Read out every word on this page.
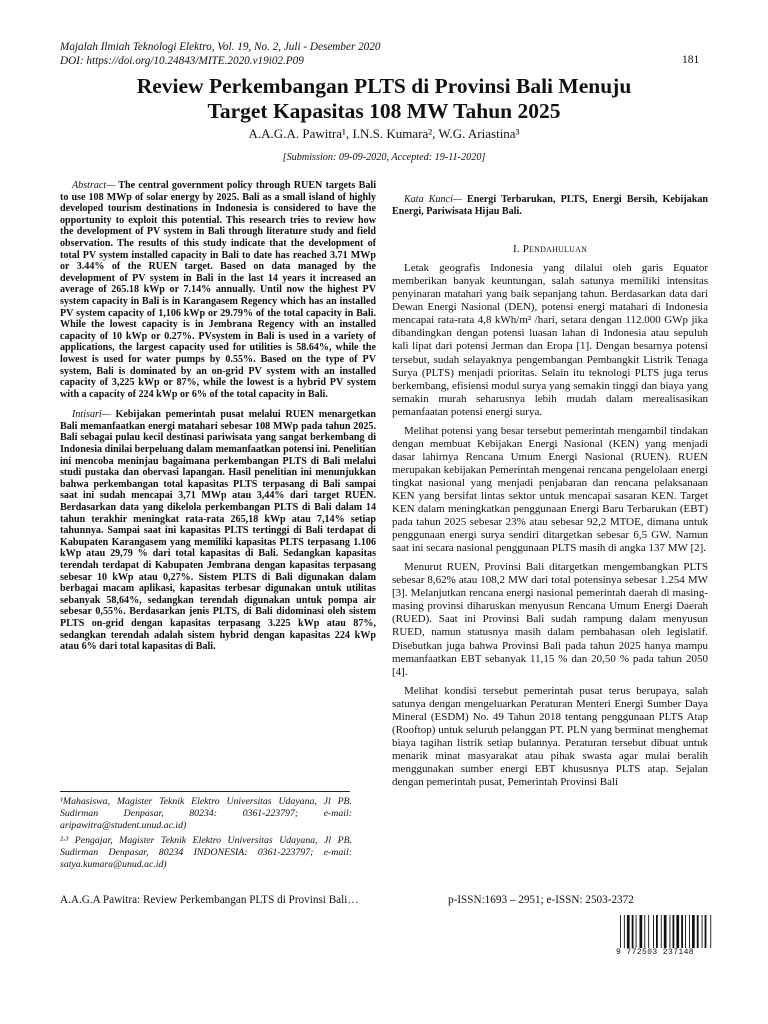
Majalah Ilmiah Teknologi Elektro, Vol. 19, No. 2, Juli - Desember 2020
DOI: https://doi.org/10.24843/MITE.2020.v19i02.P09	181
Review Perkembangan PLTS di Provinsi Bali Menuju
Target Kapasitas 108 MW Tahun 2025
A.A.G.A. Pawitra¹, I.N.S. Kumara², W.G. Ariastina³
[Submission: 09-09-2020, Accepted: 19-11-2020]

Abstract— The central government policy through RUEN targets Bali to use 108 MWp of solar energy by 2025. Bali as a small island of highly developed tourism destinations in Indonesia is considered to have the opportunity to exploit this potential. This research tries to review how the development of PV system in Bali through literature study and field observation. The results of this study indicate that the development of total PV system installed capacity in Bali to date has reached 3.71 MWp or 3.44% of the RUEN target. Based on data managed by the development of PV system in Bali in the last 14 years it increased an average of 265.18 kWp or 7.14% annually. Until now the highest PV system capacity in Bali is in Karangasem Regency which has an installed PV system capacity of 1,106 kWp or 29.79% of the total capacity in Bali. While the lowest capacity is in Jembrana Regency with an installed capacity of 10 kWp or 0.27%. PVsystem in Bali is used in a variety of applications, the largest capacity used for utilities is 58.64%, while the lowest is used for water pumps by 0.55%. Based on the type of PV system, Bali is dominated by an on-grid PV system with an installed capacity of 3,225 kWp or 87%, while the lowest is a hybrid PV system with a capacity of 224 kWp or 6% of the total capacity in Bali.

Intisari— Kebijakan pemerintah pusat melalui RUEN menargetkan Bali memanfaatkan energi matahari sebesar 108 MWp pada tahun 2025. Bali sebagai pulau kecil destinasi pariwisata yang sangat berkembang di Indonesia dinilai berpeluang dalam memanfaatkan potensi ini. Penelitian ini mencoba meninjau bagaimana perkembangan PLTS di Bali melalui studi pustaka dan obervasi lapangan. Hasil penelitian ini menunjukkan bahwa perkembangan total kapasitas PLTS terpasang di Bali sampai saat ini sudah mencapai 3,71 MWp atau 3,44% dari target RUEN. Berdasarkan data yang dikelola perkembangan PLTS di Bali dalam 14 tahun terakhir meningkat rata-rata 265,18 kWp atau 7,14% setiap tahunnya. Sampai saat ini kapasitas PLTS tertinggi di Bali terdapat di Kabupaten Karangasem yang memiliki kapasitas PLTS terpasang 1.106 kWp atau 29,79 % dari total kapasitas di Bali. Sedangkan kapasitas terendah terdapat di Kabupaten Jembrana dengan kapasitas terpasang sebesar 10 kWp atau 0,27%. Sistem PLTS di Bali digunakan dalam berbagai macam aplikasi, kapasitas terbesar digunakan untuk utilitas sebanyak 58,64%, sedangkan terendah digunakan untuk pompa air sebesar 0,55%. Berdasarkan jenis PLTS, di Bali didominasi oleh sistem PLTS on-grid dengan kapasitas terpasang 3.225 kWp atau 87%, sedangkan terendah adalah sistem hybrid dengan kapasitas 224 kWp atau 6% dari total kapasitas di Bali.

¹Mahasiswa, Magister Teknik Elektro Universitas Udayana, Jl PB. Sudirman Denpasar, 80234: 0361-223797; e-mail: aripawitra@student.unud.ac.id)
²·³ Pengajar, Magister Teknik Elektro Universitas Udayana, Jl PB. Sudirman Denpasar, 80234 INDONESIA: 0361-223797; e-mail: satya.kumara@unud.ac.id)

Kata Kunci— Energi Terbarukan, PLTS, Energi Bersih, Kebijakan Energi, Pariwisata Hijau Bali.

I. Pendahuluan

Letak geografis Indonesia yang dilalui oleh garis Equator memberikan banyak keuntungan, salah satunya memiliki intensitas penyinaran matahari yang baik sepanjang tahun. Berdasarkan data dari Dewan Energi Nasional (DEN), potensi energi matahari di Indonesia mencapai rata-rata 4,8 kWh/m² /hari, setara dengan 112.000 GWp jika dibandingkan dengan potensi luasan lahan di Indonesia atau sepuluh kali lipat dari potensi Jerman dan Eropa [1]. Dengan besarnya potensi tersebut, sudah selayaknya pengembangan Pembangkit Listrik Tenaga Surya (PLTS) menjadi prioritas. Selain itu teknologi PLTS juga terus berkembang, efisiensi modul surya yang semakin tinggi dan biaya yang semakin murah seharusnya lebih mudah dalam merealisasikan pemanfaatan potensi energi surya.

Melihat potensi yang besar tersebut pemerintah mengambil tindakan dengan membuat Kebijakan Energi Nasional (KEN) yang menjadi dasar lahirnya Rencana Umum Energi Nasional (RUEN). RUEN merupakan kebijakan Pemerintah mengenai rencana pengelolaan energi tingkat nasional yang menjadi penjabaran dan rencana pelaksanaan KEN yang bersifat lintas sektor untuk mencapai sasaran KEN. Target KEN dalam meningkatkan penggunaan Energi Baru Terbarukan (EBT) pada tahun 2025 sebesar 23% atau sebesar 92,2 MTOE, dimana untuk penggunaan energi surya sendiri ditargetkan sebesar 6,5 GW. Namun saat ini secara nasional penggunaan PLTS masih di angka 137 MW [2].

Menurut RUEN, Provinsi Bali ditargetkan mengembangkan PLTS sebesar 8,62% atau 108,2 MW dari total potensinya sebesar 1.254 MW [3]. Melanjutkan rencana energi nasional pemerintah daerah di masing-masing provinsi diharuskan menyusun Rencana Umum Energi Daerah (RUED). Saat ini Provinsi Bali sudah rampung dalam menyusun RUED, namun statusnya masih dalam pembahasan oleh legislatif. Disebutkan juga bahwa Provinsi Bali pada tahun 2025 hanya mampu memanfaatkan EBT sebanyak 11,15 % dan 20,50 % pada tahun 2050 [4].

Melihat kondisi tersebut pemerintah pusat terus berupaya, salah satunya dengan mengeluarkan Peraturan Menteri Energi Sumber Daya Mineral (ESDM) No. 49 Tahun 2018 tentang penggunaan PLTS Atap (Rooftop) untuk seluruh pelanggan PT. PLN yang berminat menghemat biaya tagihan listrik setiap bulannya. Peraturan tersebut dibuat untuk menarik minat masyarakat atau pihak swasta agar mulai beralih menggunakan sumber energi EBT khususnya PLTS atap. Sejalan dengan pemerintah pusat, Pemerintah Provinsi Bali

A.A.G.A Pawitra: Review Perkembangan PLTS di Provinsi Bali…	p-ISSN:1693 – 2951; e-ISSN: 2503-2372
9 772503 237148
